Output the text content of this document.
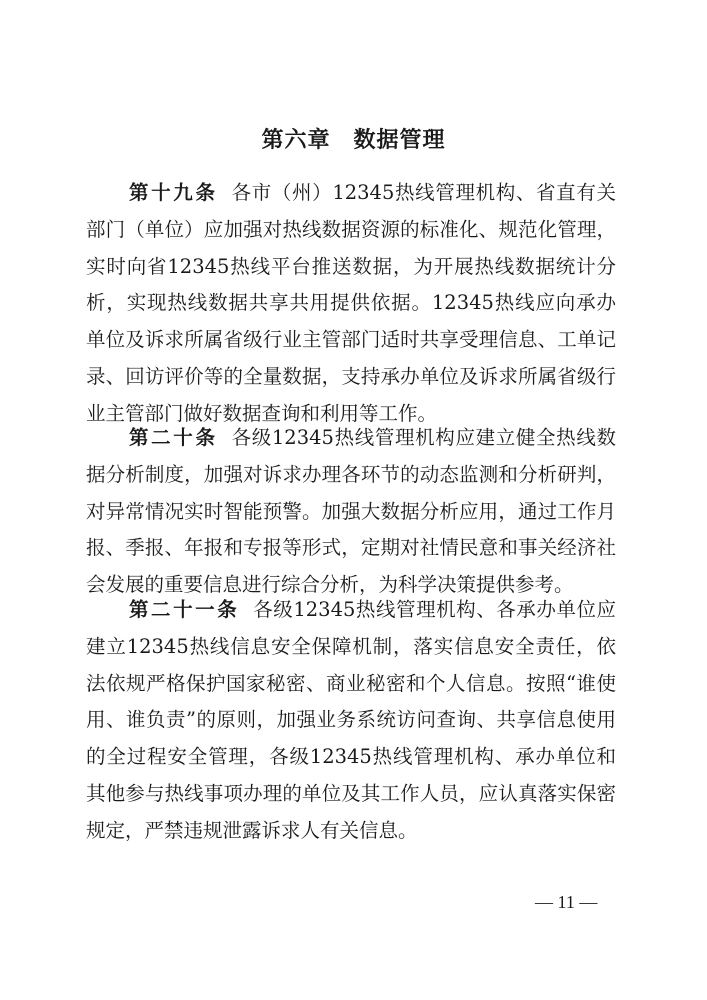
第六章　数据管理
第十九条 各市（州）12345热线管理机构、省直有关部门（单位）应加强对热线数据资源的标准化、规范化管理，实时向省12345热线平台推送数据，为开展热线数据统计分析，实现热线数据共享共用提供依据。12345热线应向承办单位及诉求所属省级行业主管部门适时共享受理信息、工单记录、回访评价等的全量数据，支持承办单位及诉求所属省级行业主管部门做好数据查询和利用等工作。
第二十条 各级12345热线管理机构应建立健全热线数据分析制度，加强对诉求办理各环节的动态监测和分析研判，对异常情况实时智能预警。加强大数据分析应用，通过工作月报、季报、年报和专报等形式，定期对社情民意和事关经济社会发展的重要信息进行综合分析，为科学决策提供参考。
第二十一条 各级12345热线管理机构、各承办单位应建立12345热线信息安全保障机制，落实信息安全责任，依法依规严格保护国家秘密、商业秘密和个人信息。按照“谁使用、谁负责”的原则，加强业务系统访问查询、共享信息使用的全过程安全管理，各级12345热线管理机构、承办单位和其他参与热线事项办理的单位及其工作人员，应认真落实保密规定，严禁违规泄露诉求人有关信息。
— 11 —
